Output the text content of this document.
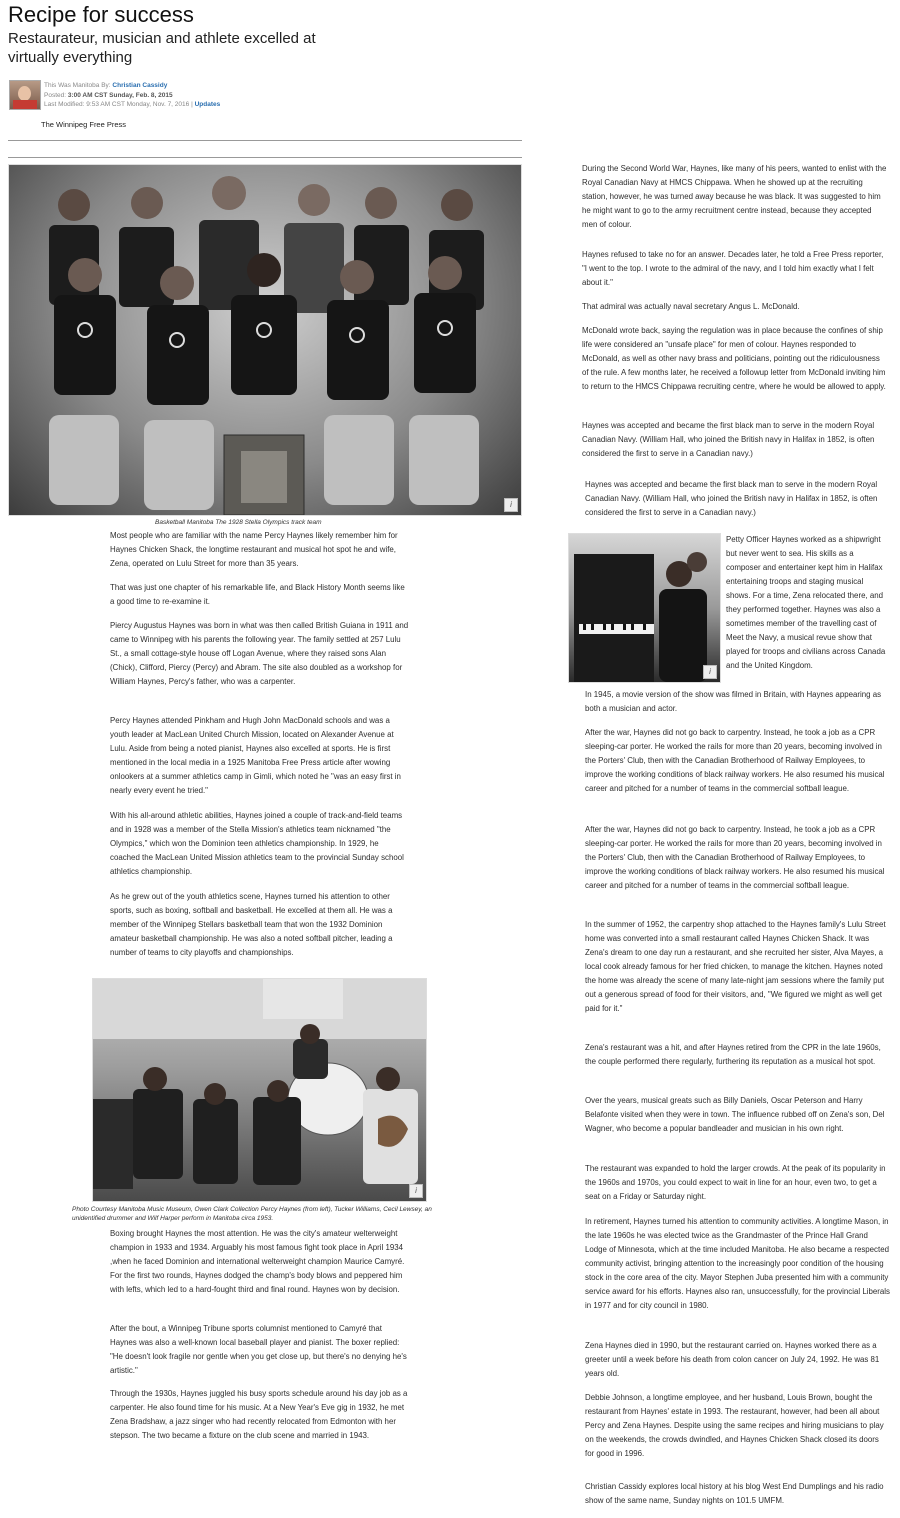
Recipe for success
Restaurateur, musician and athlete excelled at virtually everything
This Was Manitoba By: Christian Cassidy
Posted: 3:00 AM CST Sunday, Feb. 8, 2015
Last Modified: 9:53 AM CST Monday, Nov. 7, 2016 | Updates
The Winnipeg Free Press
i
Basketball Manitoba The 1928 Stella Olympics track team

Most people who are familiar with the name Percy Haynes likely remember him for Haynes Chicken Shack, the longtime restaurant and musical hot spot he and wife, Zena, operated on Lulu Street for more than 35 years.

That was just one chapter of his remarkable life, and Black History Month seems like a good time to re-examine it.

Piercy Augustus Haynes was born in what was then called British Guiana in 1911 and came to Winnipeg with his parents the following year. The family settled at 257 Lulu St., a small cottage-style house off Logan Avenue, where they raised sons Alan (Chick), Clifford, Piercy (Percy) and Abram. The site also doubled as a workshop for William Haynes, Percy's father, who was a carpenter.

Percy Haynes attended Pinkham and Hugh John MacDonald schools and was a youth leader at MacLean United Church Mission, located on Alexander Avenue at Lulu. Aside from being a noted pianist, Haynes also excelled at sports. He is first mentioned in the local media in a 1925 Manitoba Free Press article after wowing onlookers at a summer athletics camp in Gimli, which noted he "was an easy first in nearly every event he tried."

With his all-around athletic abilities, Haynes joined a couple of track-and-field teams and in 1928 was a member of the Stella Mission's athletics team nicknamed "the Olympics," which won the Dominion teen athletics championship. In 1929, he coached the MacLean United Mission athletics team to the provincial Sunday school athletics championship.

As he grew out of the youth athletics scene, Haynes turned his attention to other sports, such as boxing, softball and basketball. He excelled at them all. He was a member of the Winnipeg Stellars basketball team that won the 1932 Dominion amateur basketball championship. He was also a noted softball pitcher, leading a number of teams to city playoffs and championships.

i
Photo Courtesy Manitoba Music Museum, Owen Clark Collection Percy Haynes (from left), Tucker Williams, Cecil Lewsey, an unidentified drummer and Wilf Harper perform in Manitoba circa 1953.

Boxing brought Haynes the most attention. He was the city's amateur welterweight champion in 1933 and 1934. Arguably his most famous fight took place in April 1934 ,when he faced Dominion and international welterweight champion Maurice Camyré. For the first two rounds, Haynes dodged the champ's body blows and peppered him with lefts, which led to a hard-fought third and final round. Haynes won by decision.

After the bout, a Winnipeg Tribune sports columnist mentioned to Camyré that Haynes was also a well-known local baseball player and pianist. The boxer replied: "He doesn't look fragile nor gentle when you get close up, but there's no denying he's artistic."

Through the 1930s, Haynes juggled his busy sports schedule around his day job as a carpenter. He also found time for his music. At a New Year's Eve gig in 1932, he met Zena Bradshaw, a jazz singer who had recently relocated from Edmonton with her stepson. The two became a fixture on the club scene and married in 1943.

During the Second World War, Haynes, like many of his peers, wanted to enlist with the Royal Canadian Navy at HMCS Chippawa. When he showed up at the recruiting station, however, he was turned away because he was black. It was suggested to him he might want to go to the army recruitment centre instead, because they accepted men of colour.

Haynes refused to take no for an answer. Decades later, he told a Free Press reporter, "I went to the top. I wrote to the admiral of the navy, and I told him exactly what I felt about it."

That admiral was actually naval secretary Angus L. McDonald.

McDonald wrote back, saying the regulation was in place because the confines of ship life were considered an "unsafe place" for men of colour. Haynes responded to McDonald, as well as other navy brass and politicians, pointing out the ridiculousness of the rule. A few months later, he received a followup letter from McDonald inviting him to return to the HMCS Chippawa recruiting centre, where he would be allowed to apply.

Haynes was accepted and became the first black man to serve in the modern Royal Canadian Navy. (William Hall, who joined the British navy in Halifax in 1852, is often considered the first to serve in a Canadian navy.)

Haynes was accepted and became the first black man to serve in the modern Royal Canadian Navy. (William Hall, who joined the British navy in Halifax in 1852, is often considered the first to serve in a Canadian navy.)

i

Petty Officer Haynes worked as a shipwright but never went to sea. His skills as a composer and entertainer kept him in Halifax entertaining troops and staging musical shows. For a time, Zena relocated there, and they performed together. Haynes was also a sometimes member of the travelling cast of Meet the Navy, a musical revue show that played for troops and civilians across Canada and the United Kingdom.

In 1945, a movie version of the show was filmed in Britain, with Haynes appearing as both a musician and actor.

After the war, Haynes did not go back to carpentry. Instead, he took a job as a CPR sleeping-car porter. He worked the rails for more than 20 years, becoming involved in the Porters' Club, then with the Canadian Brotherhood of Railway Employees, to improve the working conditions of black railway workers. He also resumed his musical career and pitched for a number of teams in the commercial softball league.

After the war, Haynes did not go back to carpentry. Instead, he took a job as a CPR sleeping-car porter. He worked the rails for more than 20 years, becoming involved in the Porters' Club, then with the Canadian Brotherhood of Railway Employees, to improve the working conditions of black railway workers. He also resumed his musical career and pitched for a number of teams in the commercial softball league.

In the summer of 1952, the carpentry shop attached to the Haynes family's Lulu Street home was converted into a small restaurant called Haynes Chicken Shack. It was Zena's dream to one day run a restaurant, and she recruited her sister, Alva Mayes, a local cook already famous for her fried chicken, to manage the kitchen. Haynes noted the home was already the scene of many late-night jam sessions where the family put out a generous spread of food for their visitors, and, "We figured we might as well get paid for it."

Zena's restaurant was a hit, and after Haynes retired from the CPR in the late 1960s, the couple performed there regularly, furthering its reputation as a musical hot spot.

Over the years, musical greats such as Billy Daniels, Oscar Peterson and Harry Belafonte visited when they were in town. The influence rubbed off on Zena's son, Del Wagner, who become a popular bandleader and musician in his own right.

The restaurant was expanded to hold the larger crowds. At the peak of its popularity in the 1960s and 1970s, you could expect to wait in line for an hour, even two, to get a seat on a Friday or Saturday night.

In retirement, Haynes turned his attention to community activities. A longtime Mason, in the late 1960s he was elected twice as the Grandmaster of the Prince Hall Grand Lodge of Minnesota, which at the time included Manitoba. He also became a respected community activist, bringing attention to the increasingly poor condition of the housing stock in the core area of the city. Mayor Stephen Juba presented him with a community service award for his efforts. Haynes also ran, unsuccessfully, for the provincial Liberals in 1977 and for city council in 1980.

Zena Haynes died in 1990, but the restaurant carried on. Haynes worked there as a greeter until a week before his death from colon cancer on July 24, 1992. He was 81 years old.

Debbie Johnson, a longtime employee, and her husband, Louis Brown, bought the restaurant from Haynes' estate in 1993. The restaurant, however, had been all about Percy and Zena Haynes. Despite using the same recipes and hiring musicians to play on the weekends, the crowds dwindled, and Haynes Chicken Shack closed its doors for good in 1996.

Christian Cassidy explores local history at his blog West End Dumplings and his radio show of the same name, Sunday nights on 101.5 UMFM.
